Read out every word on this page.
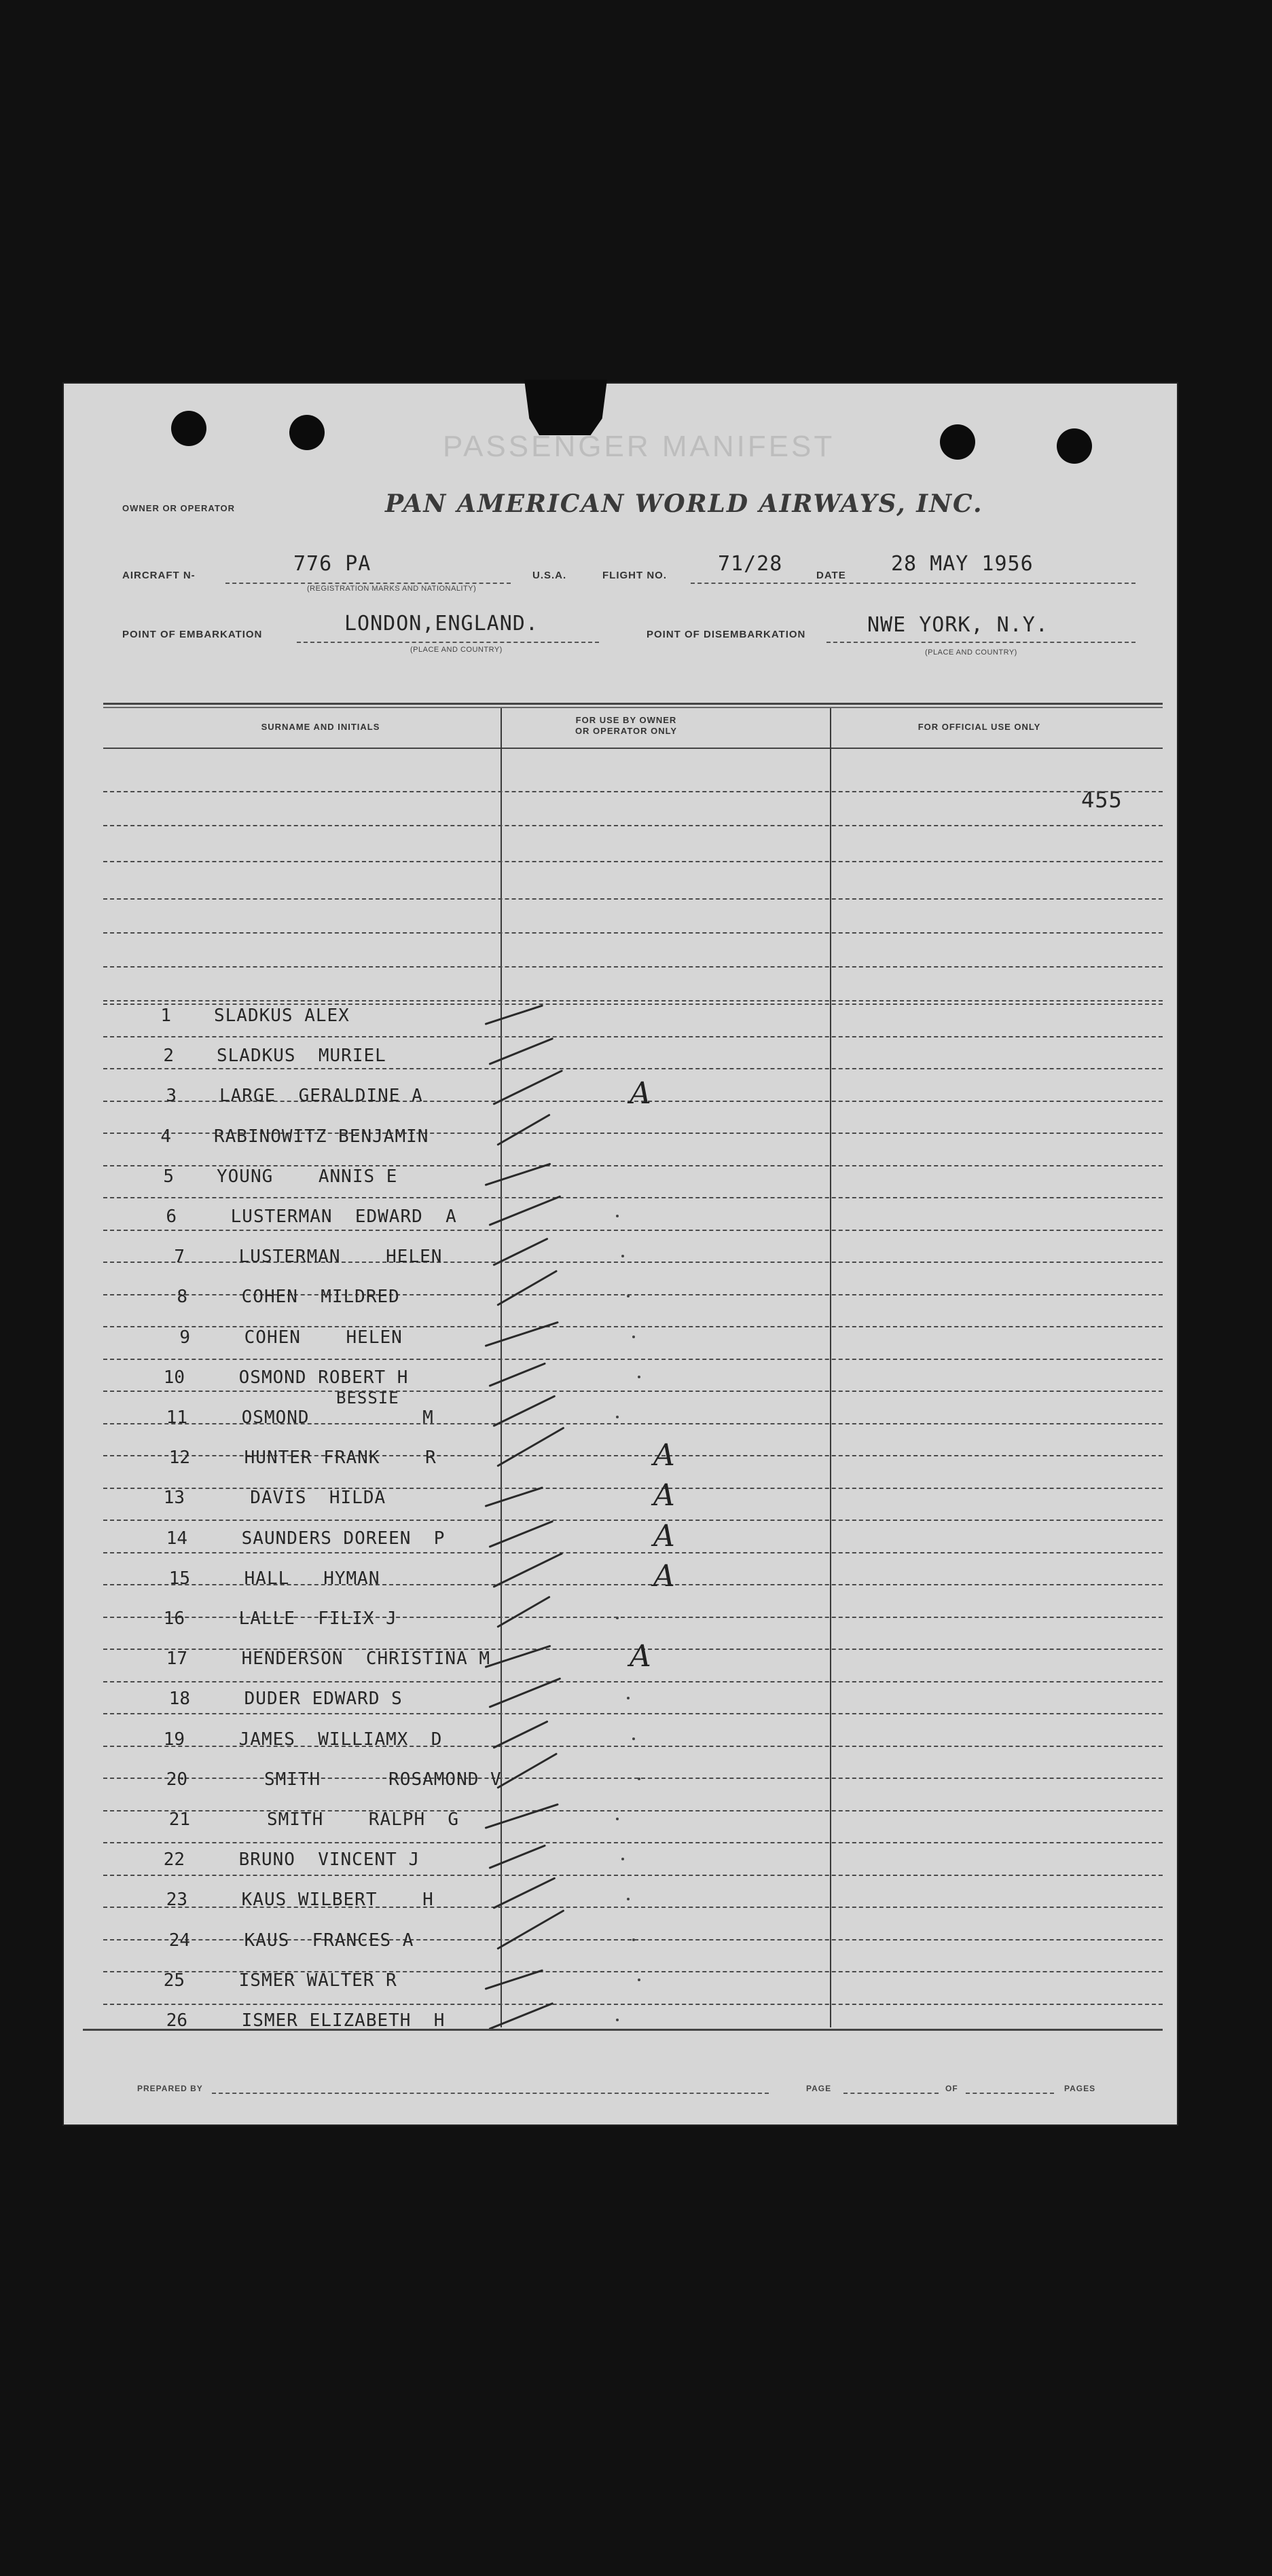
PASSENGER MANIFEST
OWNER OR OPERATOR	PAN AMERICAN WORLD AIRWAYS, INC.
AIRCRAFT N-	776 PA
(REGISTRATION MARKS AND NATIONALITY)
U.S.A.	FLIGHT NO.	71/28	DATE 28 MAY 1956
POINT OF EMBARKATION	LONDON,ENGLAND.
(PLACE AND COUNTRY)
POINT OF DISEMBARKATION	NWE YORK, N.Y.
(PLACE AND COUNTRY)
SURNAME AND INITIALS
FOR USE BY OWNER
OR OPERATOR ONLY	FOR OFFICIAL USE ONLY
455
1 SLADKUS ALEX
2 SLADKUS  MURIEL
3 LARGE  GERALDINE A	A
4 RABINOWITZ BENJAMIN
5 YOUNG    ANNIS E
6 LUSTERMAN  EDWARD  A
7 LUSTERMAN    HELEN
8 COHEN  MILDRED
9 COHEN    HELEN
10 OSMOND ROBERT H
11 OSMOND          M
BESSIE
12 HUNTER FRANK    R	A
13 DAVIS  HILDA	A
14 SAUNDERS DOREEN  P	A
15 HALL   HYMAN	A
16 LALLE  FILIX J
17 HENDERSON  CHRISTINA M	A
18 DUDER EDWARD S
19 JAMES  WILLIAMX  D
20 SMITH      ROSAMOND V
21 SMITH    RALPH  G
22 BRUNO  VINCENT J
23 KAUS WILBERT    H
24 KAUS  FRANCES A
25 ISMER WALTER R
26 ISMER ELIZABETH  H
PREPARED BY	PAGE	OF	PAGES
